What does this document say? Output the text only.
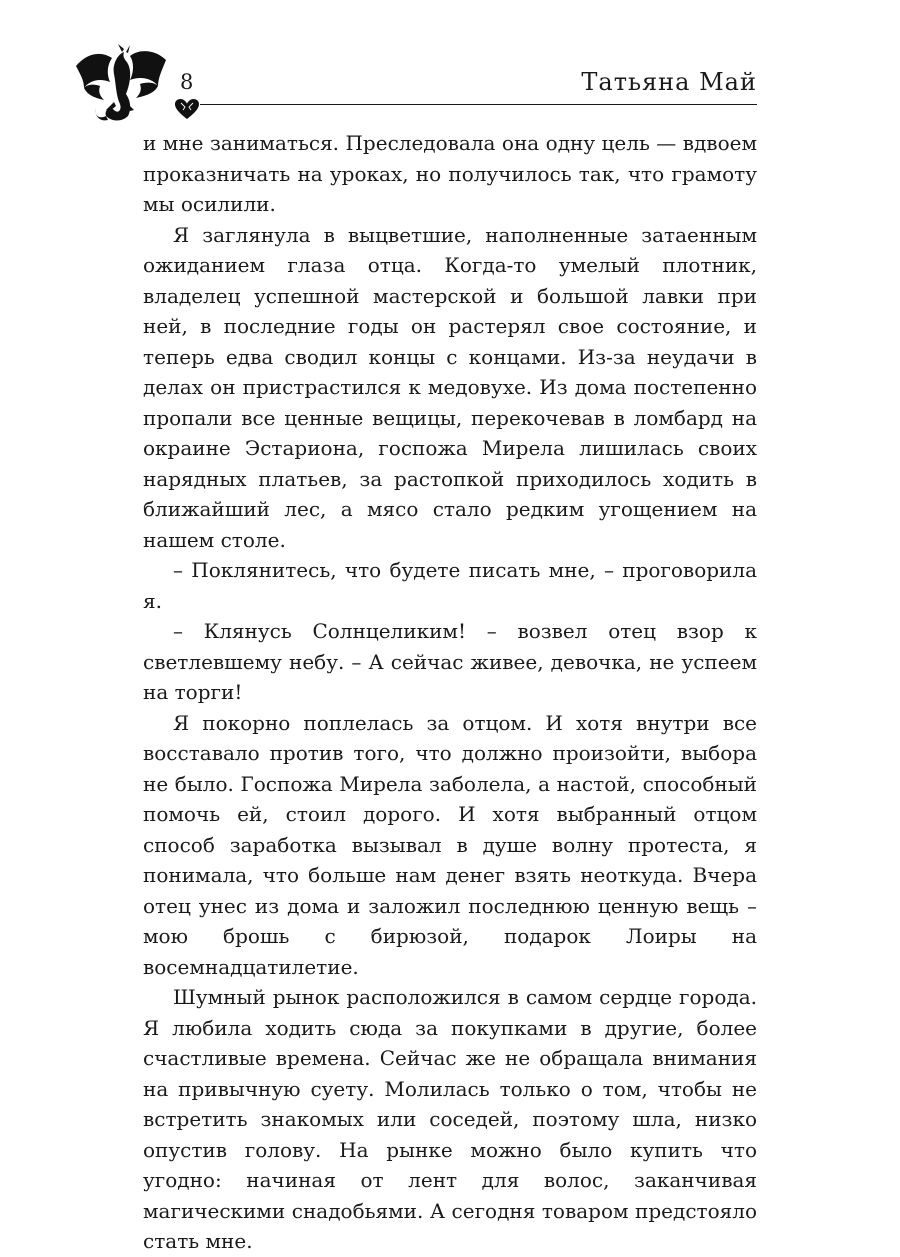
8	Татьяна Май

и мне заниматься. Преследовала она одну цель — вдвоем проказничать на уроках, но получилось так, что грамоту мы осилили.

Я заглянула в выцветшие, наполненные затаенным ожиданием глаза отца. Когда-то умелый плотник, владелец успешной мастерской и большой лавки при ней, в последние годы он растерял свое состояние, и теперь едва сводил концы с концами. Из-за неудачи в делах он пристрастился к медовухе. Из дома постепенно пропали все ценные вещицы, перекочевав в ломбард на окраине Эстариона, госпожа Мирела лишилась своих нарядных платьев, за растопкой приходилось ходить в ближайший лес, а мясо стало редким угощением на нашем столе.

– Поклянитесь, что будете писать мне, – проговорила я.

– Клянусь Солнцеликим! – возвел отец взор к светлевшему небу. – А сейчас живее, девочка, не успеем на торги!

Я покорно поплелась за отцом. И хотя внутри все восставало против того, что должно произойти, выбора не было. Госпожа Мирела заболела, а настой, способный помочь ей, стоил дорого. И хотя выбранный отцом способ заработка вызывал в душе волну протеста, я понимала, что больше нам денег взять неоткуда. Вчера отец унес из дома и заложил последнюю ценную вещь – мою брошь с бирюзой, подарок Лоиры на восемнадцатилетие.

Шумный рынок расположился в самом сердце города. Я любила ходить сюда за покупками в другие, более счастливые времена. Сейчас же не обращала внимания на привычную суету. Молилась только о том, чтобы не встретить знакомых или соседей, поэтому шла, низко опустив голову. На рынке можно было купить что угодно: начиная от лент для волос, заканчивая магическими снадобьями. А сегодня товаром предстояло стать мне.
